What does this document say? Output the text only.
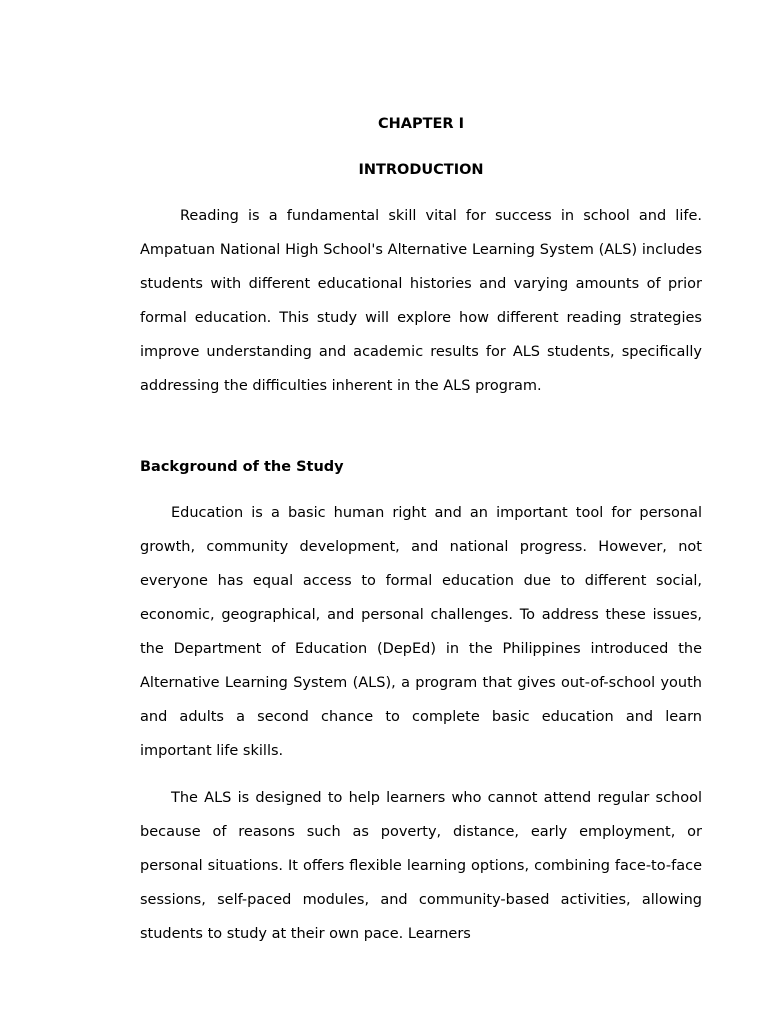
CHAPTER I
INTRODUCTION

Reading is a fundamental skill vital for success in school and life. Ampatuan National High School's Alternative Learning System (ALS) includes students with different educational histories and varying amounts of prior formal education. This study will explore how different reading strategies improve understanding and academic results for ALS students, specifically addressing the difficulties inherent in the ALS program.

Background of the Study

Education is a basic human right and an important tool for personal growth, community development, and national progress. However, not everyone has equal access to formal education due to different social, economic, geographical, and personal challenges. To address these issues, the Department of Education (DepEd) in the Philippines introduced the Alternative Learning System (ALS), a program that gives out-of-school youth and adults a second chance to complete basic education and learn important life skills.

The ALS is designed to help learners who cannot attend regular school because of reasons such as poverty, distance, early employment, or personal situations. It offers flexible learning options, combining face-to-face sessions, self-paced modules, and community-based activities, allowing students to study at their own pace. Learners
